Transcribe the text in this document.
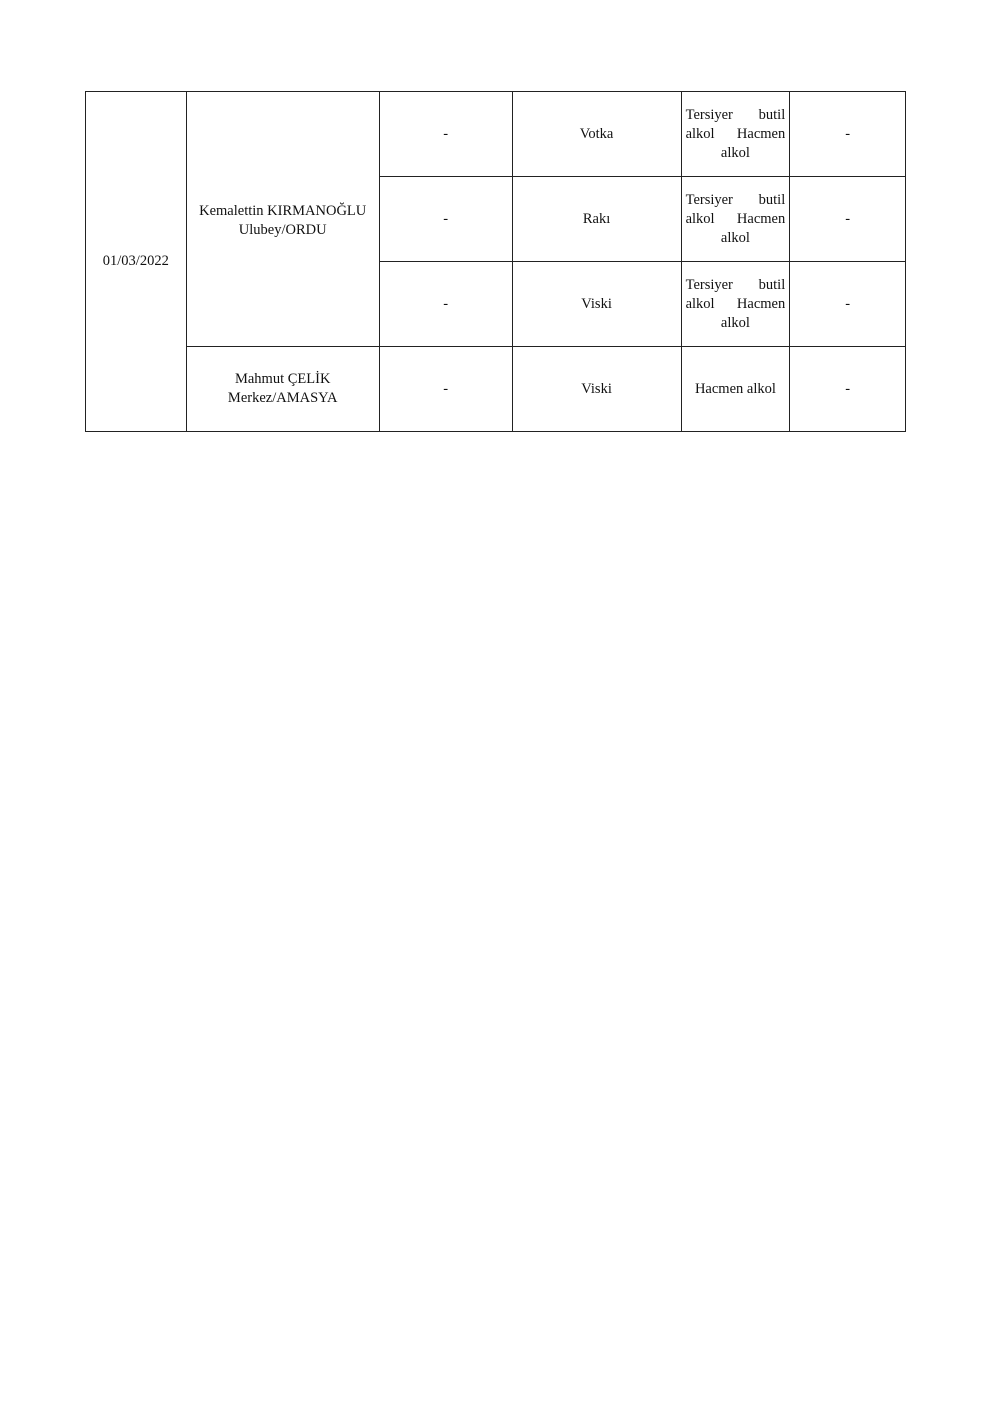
01/03/2022	Kemalettin KIRMANOĞLU
Ulubey/ORDU	-	Votka	Tersiyer butil alkol Hacmen alkol	-
		-	Rakı	Tersiyer butil alkol Hacmen alkol	-
		-	Viski	Tersiyer butil alkol Hacmen alkol	-

	Mahmut ÇELİK
Merkez/AMASYA	-	Viski	Hacmen alkol	-
